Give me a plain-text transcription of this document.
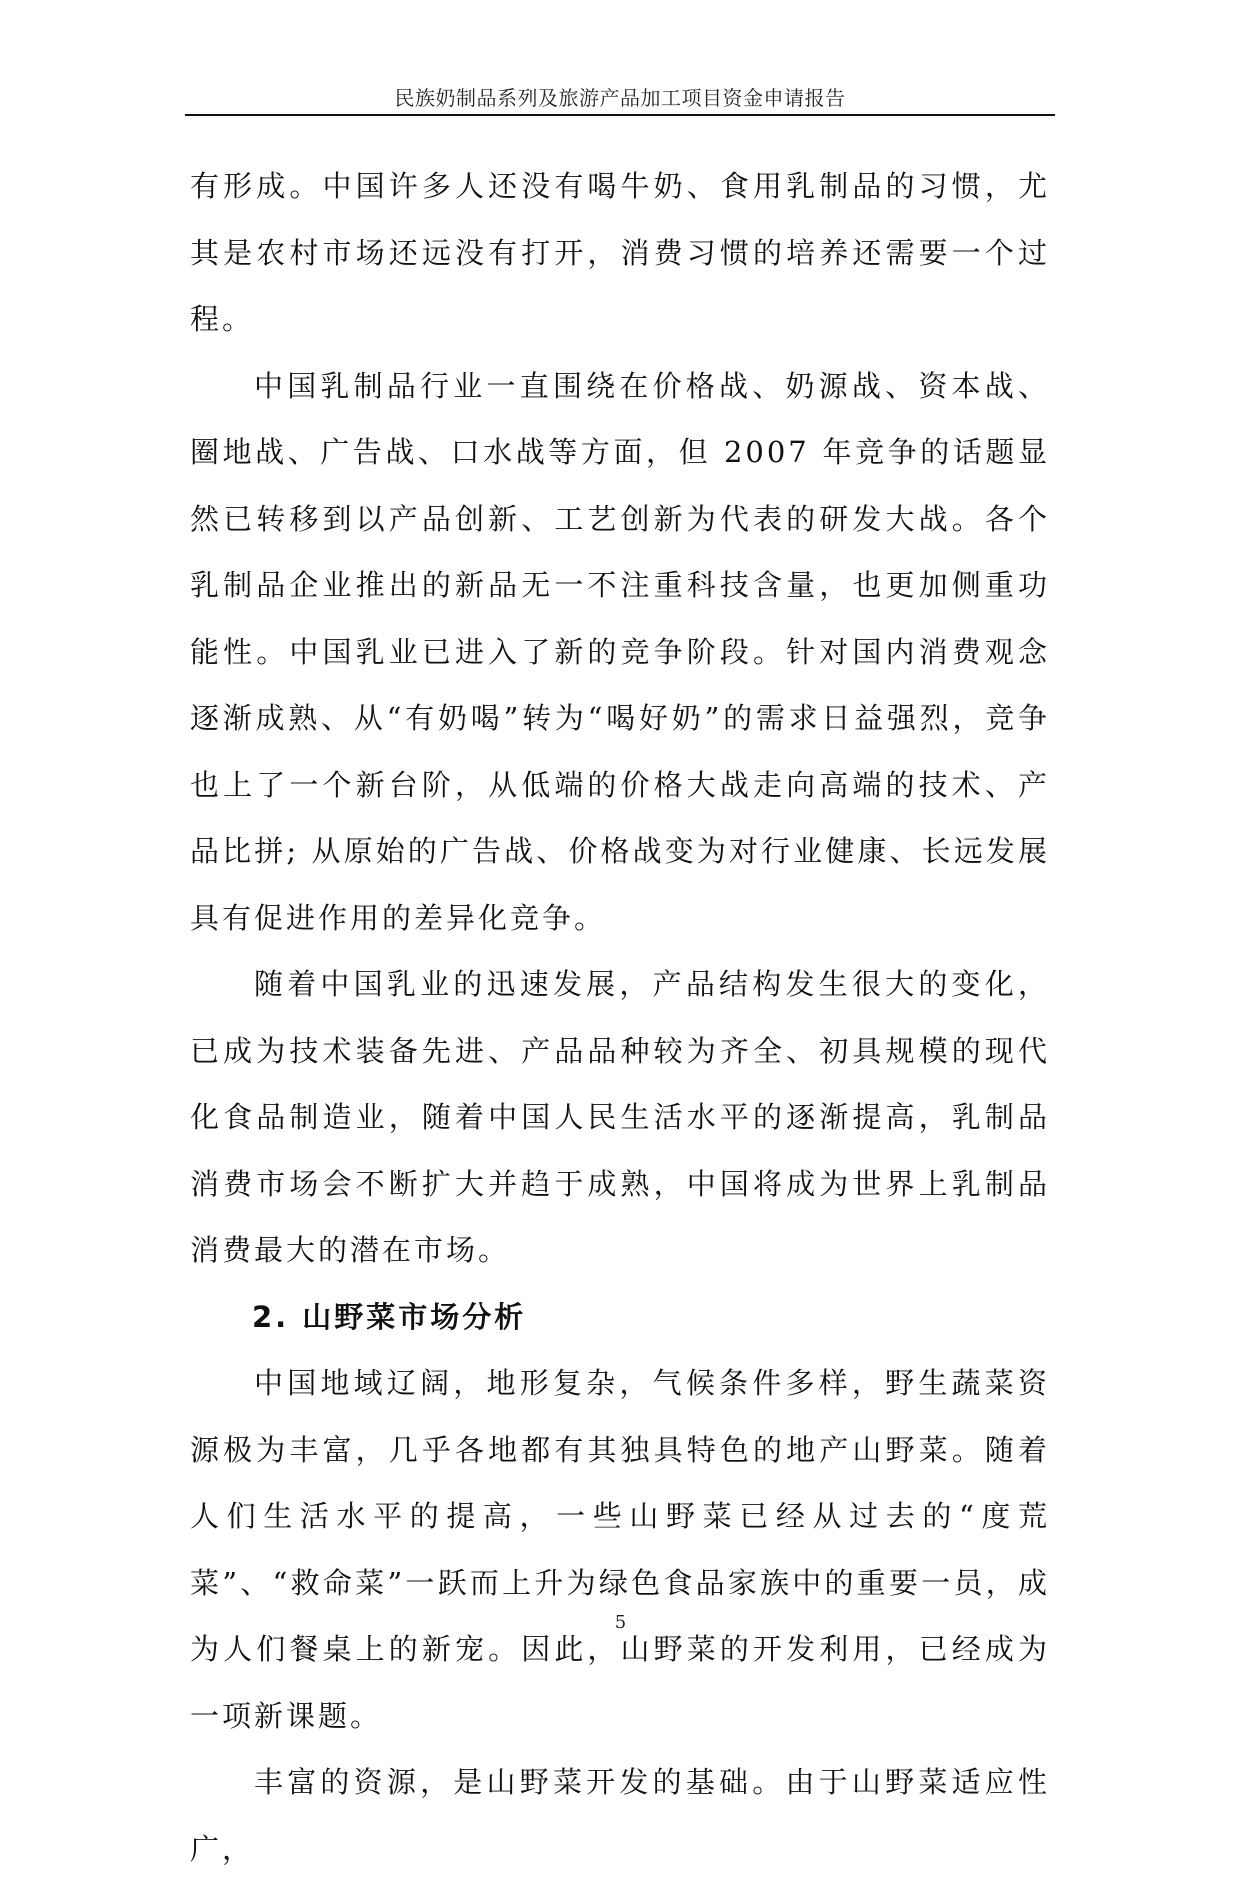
民族奶制品系列及旅游产品加工项目资金申请报告

有形成。中国许多人还没有喝牛奶、食用乳制品的习惯，尤其是农村市场还远没有打开，消费习惯的培养还需要一个过程。

中国乳制品行业一直围绕在价格战、奶源战、资本战、圈地战、广告战、口水战等方面，但 2007 年竞争的话题显然已转移到以产品创新、工艺创新为代表的研发大战。各个乳制品企业推出的新品无一不注重科技含量，也更加侧重功能性。中国乳业已进入了新的竞争阶段。针对国内消费观念逐渐成熟、从“有奶喝”转为“喝好奶”的需求日益强烈，竞争也上了一个新台阶，从低端的价格大战走向高端的技术、产品比拼; 从原始的广告战、价格战变为对行业健康、长远发展具有促进作用的差异化竞争。

随着中国乳业的迅速发展，产品结构发生很大的变化，已成为技术装备先进、产品品种较为齐全、初具规模的现代化食品制造业，随着中国人民生活水平的逐渐提高，乳制品消费市场会不断扩大并趋于成熟，中国将成为世界上乳制品消费最大的潜在市场。

2. 山野菜市场分析

中国地域辽阔，地形复杂，气候条件多样，野生蔬菜资源极为丰富，几乎各地都有其独具特色的地产山野菜。随着人们生活水平的提高，一些山野菜已经从过去的“度荒菜”、“救命菜”一跃而上升为绿色食品家族中的重要一员，成为人们餐桌上的新宠。因此，山野菜的开发利用，已经成为一项新课题。

丰富的资源，是山野菜开发的基础。由于山野菜适应性广，

5
